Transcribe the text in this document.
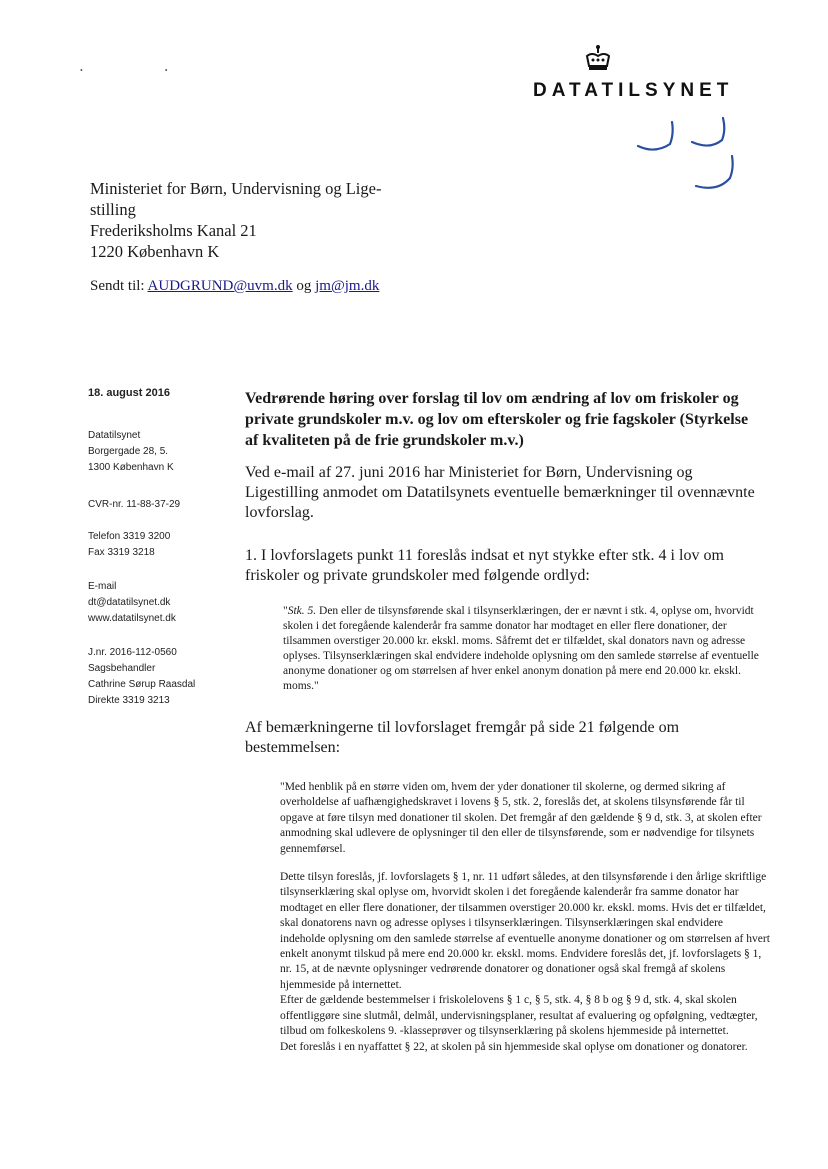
DATATILSYNET
• •
Ministeriet for Børn, Undervisning og Lige-
stilling
Frederiksholms Kanal 21
1220 København K
Sendt til: AUDGRUND@uvm.dk og jm@jm.dk
18. august 2016
Datatilsynet
Borgergade 28, 5.
1300 København K
CVR-nr. 11-88-37-29
Telefon 3319 3200
Fax 3319 3218
E-mail
dt@datatilsynet.dk
www.datatilsynet.dk
J.nr. 2016-112-0560
Sagsbehandler
Cathrine Sørup Raasdal
Direkte 3319 3213
Vedrørende høring over forslag til lov om ændring af lov om friskoler og private grundskoler m.v. og lov om efterskoler og frie fagskoler (Styrkelse af kvaliteten på de frie grundskoler m.v.)
Ved e-mail af 27. juni 2016 har Ministeriet for Børn, Undervisning og Ligestilling anmodet om Datatilsynets eventuelle bemærkninger til ovennævnte lovforslag.
1. I lovforslagets punkt 11 foreslås indsat et nyt stykke efter stk. 4 i lov om friskoler og private grundskoler med følgende ordlyd:
"Stk. 5. Den eller de tilsynsførende skal i tilsynserklæringen, der er nævnt i stk. 4, oplyse om, hvorvidt skolen i det foregående kalenderår fra samme donator har modtaget en eller flere donationer, der tilsammen overstiger 20.000 kr. ekskl. moms. Såfremt det er tilfældet, skal donators navn og adresse oplyses. Tilsynserklæringen skal endvidere indeholde oplysning om den samlede størrelse af eventuelle anonyme donationer og om størrelsen af hver enkel anonym donation på mere end 20.000 kr. ekskl. moms."
Af bemærkningerne til lovforslaget fremgår på side 21 følgende om bestemmelsen:

"Med henblik på en større viden om, hvem der yder donationer til skolerne, og dermed sikring af overholdelse af uafhængighedskravet i lovens § 5, stk. 2, foreslås det, at skolens tilsynsførende får til opgave at føre tilsyn med donationer til skolen. Det fremgår af den gældende § 9 d, stk. 3, at skolen efter anmodning skal udlevere de oplysninger til den eller de tilsynsførende, som er nødvendige for tilsynets gennemførsel.

Dette tilsyn foreslås, jf. lovforslagets § 1, nr. 11 udført således, at den tilsynsførende i den årlige skriftlige tilsynserklæring skal oplyse om, hvorvidt skolen i det foregående kalenderår fra samme donator har modtaget en eller flere donationer, der tilsammen overstiger 20.000 kr. ekskl. moms. Hvis det er tilfældet, skal donatorens navn og adresse oplyses i tilsynserklæringen. Tilsynserklæringen skal endvidere indeholde oplysning om den samlede størrelse af eventuelle anonyme donationer og om størrelsen af hvert enkelt anonymt tilskud på mere end 20.000 kr. ekskl. moms. Endvidere foreslås det, jf. lovforslagets § 1, nr. 15, at de nævnte oplysninger vedrørende donatorer og donationer også skal fremgå af skolens hjemmeside på internettet.

Efter de gældende bestemmelser i friskolelovens § 1 c, § 5, stk. 4, § 8 b og § 9 d, stk. 4, skal skolen offentliggøre sine slutmål, delmål, undervisningsplaner, resultat af evaluering og opfølgning, vedtægter, tilbud om folkeskolens 9. -klasseprøver og tilsynserklæring på skolens hjemmeside på internettet.

Det foreslås i en nyaffattet § 22, at skolen på sin hjemmeside skal oplyse om donationer og donatorer.
